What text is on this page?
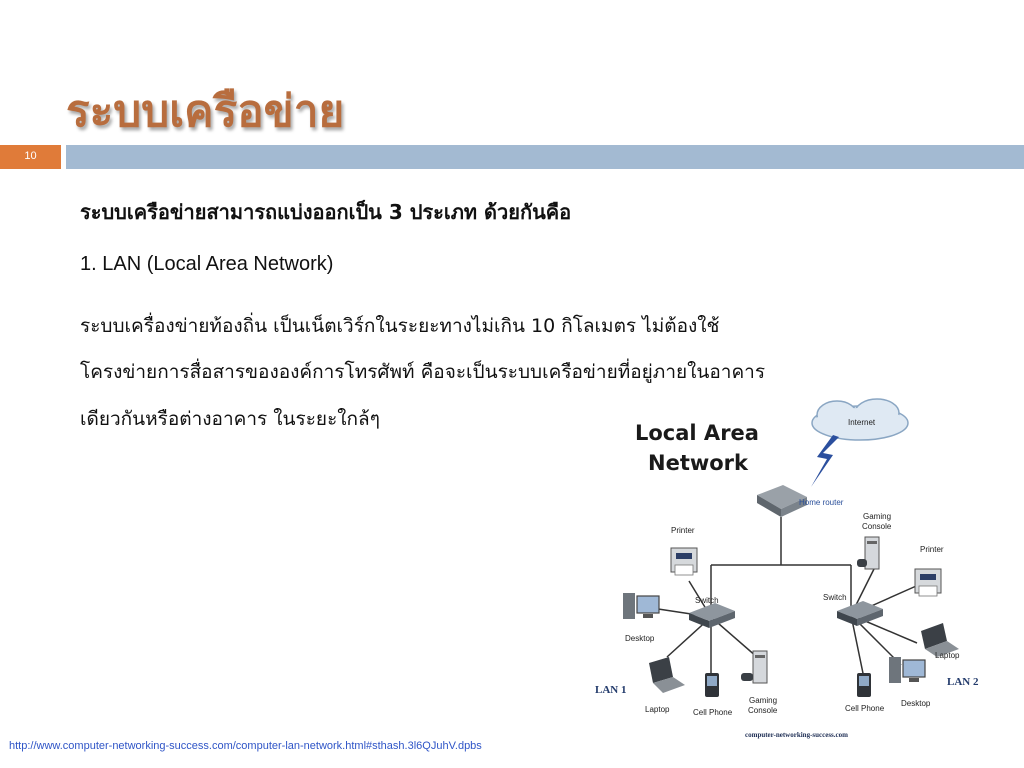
ระบบเครือข่าย
10
ระบบเครือข่ายสามารถแบ่งออกเป็น 3 ประเภท ด้วยกันคือ
1. LAN (Local Area Network)
ระบบเครื่องข่ายท้องถิ่น เป็นเน็ตเวิร์กในระยะทางไม่เกิน 10 กิโลเมตร ไม่ต้องใช้
โครงข่ายการสื่อสารขององค์การโทรศัพท์ คือจะเป็นระบบเครือข่ายที่อยู่ภายในอาคาร
เดียวกันหรือต่างอาคาร ในระยะใกล้ๆ
Local Area
Network
Internet
Home router
Switch	Switch
Printer
Desktop
Laptop	Cell Phone
Gaming
Console
LAN 1
Gaming
Console
Printer
Laptop
Cell Phone
Desktop
LAN 2
computer-networking-success.com
http://www.computer-networking-success.com/computer-lan-network.html#sthash.3l6QJuhV.dpbs
